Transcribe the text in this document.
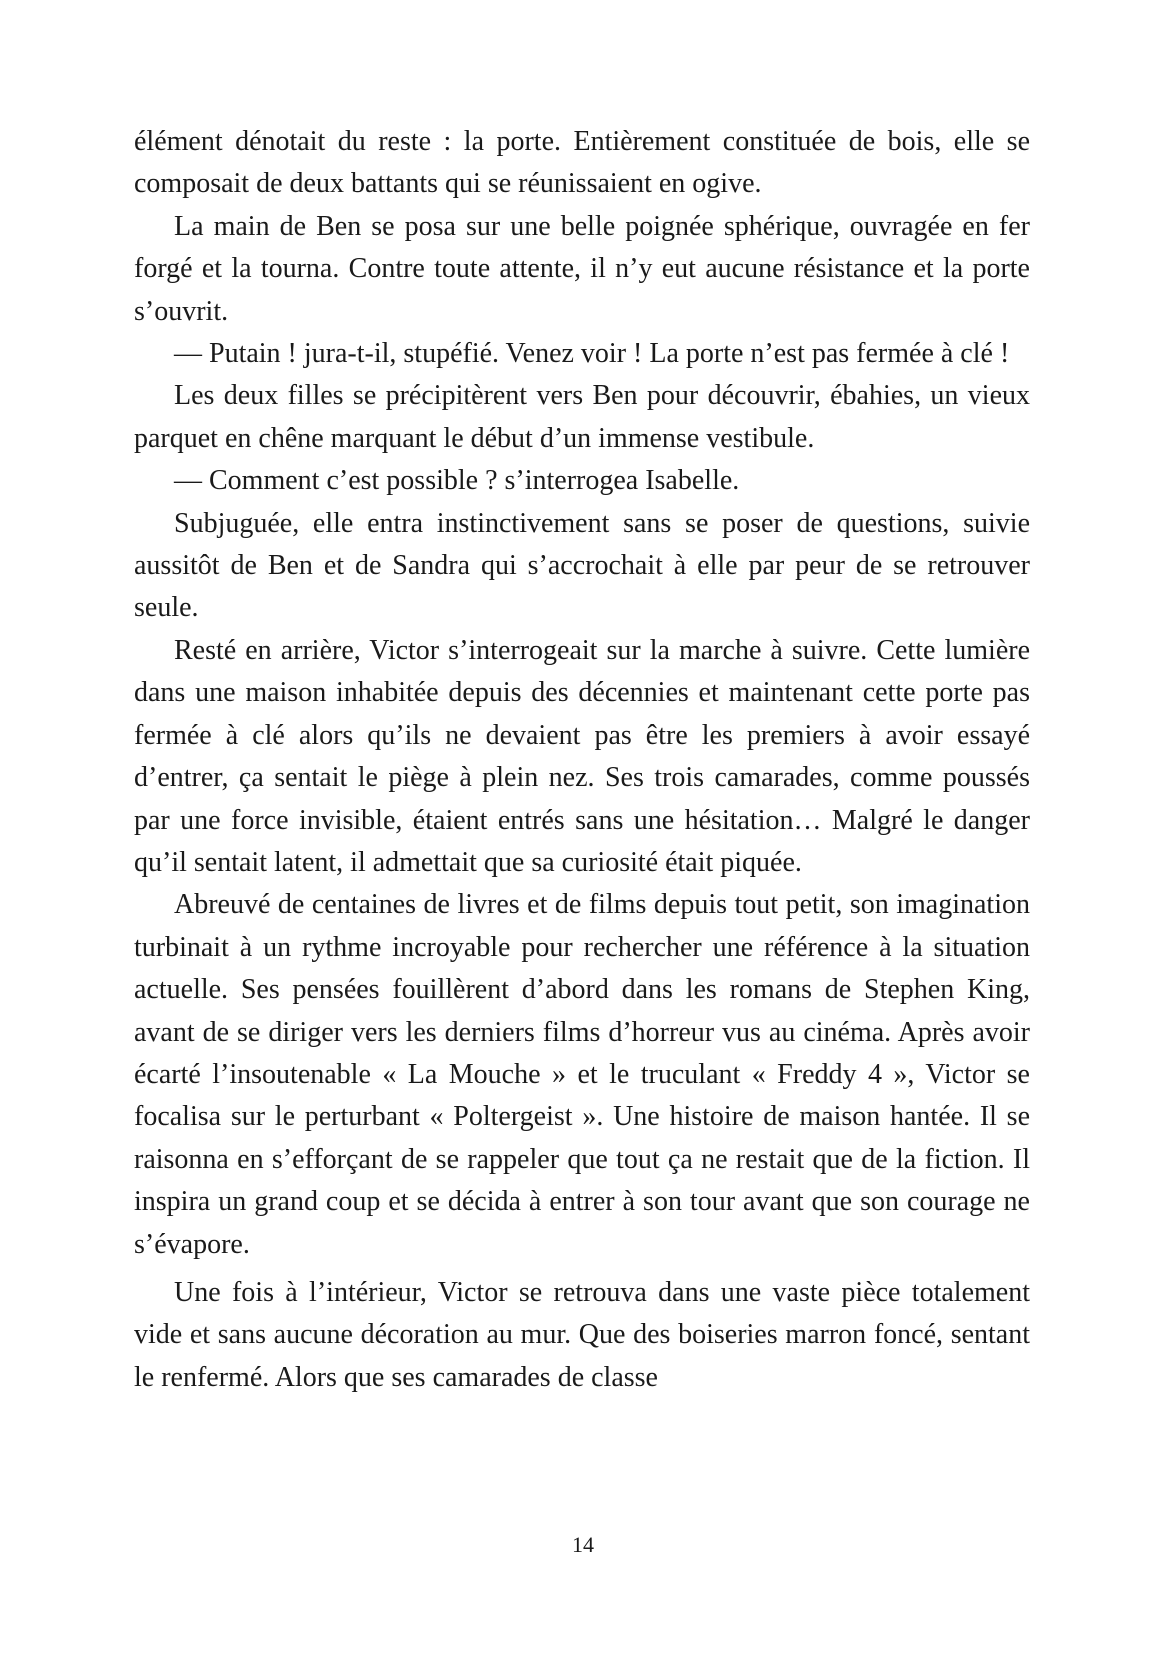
élément dénotait du reste : la porte. Entièrement constituée de bois, elle se composait de deux battants qui se réunissaient en ogive.

La main de Ben se posa sur une belle poignée sphérique, ouvragée en fer forgé et la tourna. Contre toute attente, il n’y eut aucune résistance et la porte s’ouvrit.

— Putain ! jura-t-il, stupéfié. Venez voir ! La porte n’est pas fermée à clé !

Les deux filles se précipitèrent vers Ben pour découvrir, ébahies, un vieux parquet en chêne marquant le début d’un immense vestibule.

— Comment c’est possible ? s’interrogea Isabelle.

Subjuguée, elle entra instinctivement sans se poser de questions, suivie aussitôt de Ben et de Sandra qui s’accrochait à elle par peur de se retrouver seule.

Resté en arrière, Victor s’interrogeait sur la marche à suivre. Cette lumière dans une maison inhabitée depuis des décennies et maintenant cette porte pas fermée à clé alors qu’ils ne devaient pas être les premiers à avoir essayé d’entrer, ça sentait le piège à plein nez. Ses trois camarades, comme poussés par une force invisible, étaient entrés sans une hésitation… Malgré le danger qu’il sentait latent, il admettait que sa curiosité était piquée.

Abreuvé de centaines de livres et de films depuis tout petit, son imagination turbinait à un rythme incroyable pour rechercher une référence à la situation actuelle. Ses pensées fouillèrent d’abord dans les romans de Stephen King, avant de se diriger vers les derniers films d’horreur vus au cinéma. Après avoir écarté l’insoutenable « La Mouche » et le truculant « Freddy 4 », Victor se focalisa sur le perturbant « Poltergeist ». Une histoire de maison hantée. Il se raisonna en s’efforçant de se rappeler que tout ça ne restait que de la fiction. Il inspira un grand coup et se décida à entrer à son tour avant que son courage ne s’évapore.

Une fois à l’intérieur, Victor se retrouva dans une vaste pièce totalement vide et sans aucune décoration au mur. Que des boiseries marron foncé, sentant le renfermé. Alors que ses camarades de classe

14
